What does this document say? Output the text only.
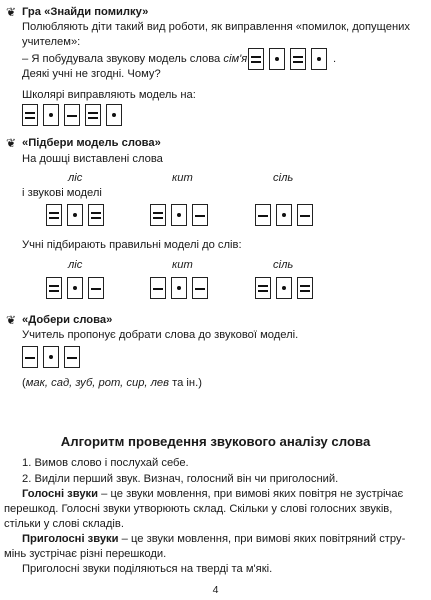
❦ Гра «Знайди помилку»
Полюбляють діти такий вид роботи, як виправлення «помилок, допущених
учителем»:
– Я побудувала звукову модель слова сім'я	.
Деякі учні не згодні. Чому?
Школярі виправляють модель на:
❦ «Підбери модель слова»
На дошці виставлені слова
ліс	кит	сіль
і звукові моделі
Учні підбирають правильні моделі до слів:
ліс	кит	сіль
❦ «Добери слова»
Учитель пропонує добрати слова до звукової моделі.
(мак, сад, зуб, рот, сир, лев та ін.)
Алгоритм проведення звукового аналізу слова
1. Вимов слово і послухай себе.
2. Виділи перший звук. Визнач, голосний він чи приголосний.
Голосні звуки – це звуки мовлення, при вимові яких повітря не зустрічає
перешкод. Голосні звуки утворюють склад. Скільки у слові голосних звуків,
стільки у слові складів.
Приголосні звуки – це звуки мовлення, при вимові яких повітряний стру-
мінь зустрічає різні перешкоди.
Приголосні звуки поділяються на тверді та м'які.
4
